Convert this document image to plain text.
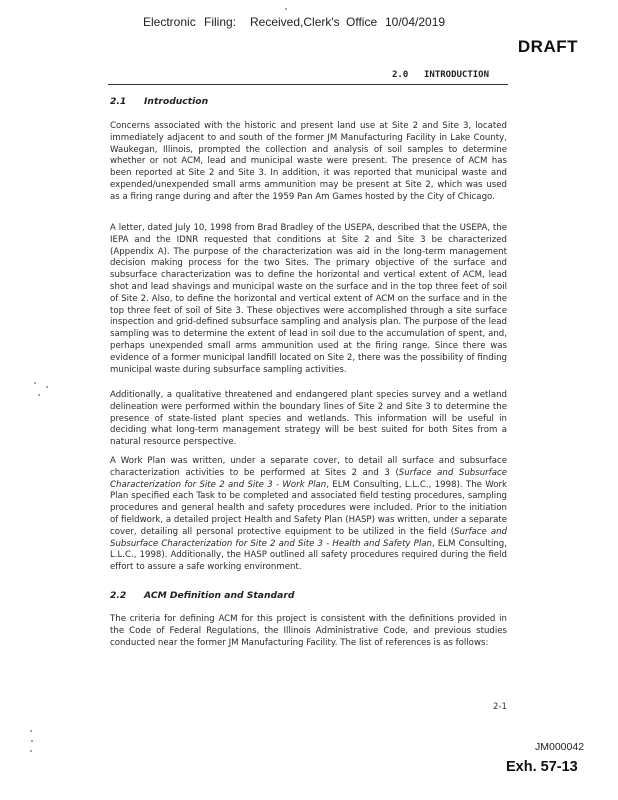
Electronic Filing: Received,Clerk's Office 10/04/2019
DRAFT
2.0 INTRODUCTION
2.1 Introduction

Concerns associated with the historic and present land use at Site 2 and Site 3, located immediately adjacent to and south of the former JM Manufacturing Facility in Lake County, Waukegan, Illinois, prompted the collection and analysis of soil samples to determine whether or not ACM, lead and municipal waste were present. The presence of ACM has been reported at Site 2 and Site 3. In addition, it was reported that municipal waste and expended/unexpended small arms ammunition may be present at Site 2, which was used as a firing range during and after the 1959 Pan Am Games hosted by the City of Chicago.

A letter, dated July 10, 1998 from Brad Bradley of the USEPA, described that the USEPA, the IEPA and the IDNR requested that conditions at Site 2 and Site 3 be characterized (Appendix A). The purpose of the characterization was aid in the long-term management decision making process for the two Sites. The primary objective of the surface and subsurface characterization was to define the horizontal and vertical extent of ACM, lead shot and lead shavings and municipal waste on the surface and in the top three feet of soil of Site 2. Also, to define the horizontal and vertical extent of ACM on the surface and in the top three feet of soil of Site 3. These objectives were accomplished through a site surface inspection and grid-defined subsurface sampling and analysis plan. The purpose of the lead sampling was to determine the extent of lead in soil due to the accumulation of spent, and, perhaps unexpended small arms ammunition used at the firing range. Since there was evidence of a former municipal landfill located on Site 2, there was the possibility of finding municipal waste during subsurface sampling activities.

Additionally, a qualitative threatened and endangered plant species survey and a wetland delineation were performed within the boundary lines of Site 2 and Site 3 to determine the presence of state-listed plant species and wetlands. This information will be useful in deciding what long-term management strategy will be best suited for both Sites from a natural resource perspective.

A Work Plan was written, under a separate cover, to detail all surface and subsurface characterization activities to be performed at Sites 2 and 3 (Surface and Subsurface Characterization for Site 2 and Site 3 - Work Plan, ELM Consulting, L.L.C., 1998). The Work Plan specified each Task to be completed and associated field testing procedures, sampling procedures and general health and safety procedures were included. Prior to the initiation of fieldwork, a detailed project Health and Safety Plan (HASP) was written, under a separate cover, detailing all personal protective equipment to be utilized in the field (Surface and Subsurface Characterization for Site 2 and Site 3 - Health and Safety Plan, ELM Consulting, L.L.C., 1998). Additionally, the HASP outlined all safety procedures required during the field effort to assure a safe working environment.

2.2 ACM Definition and Standard

The criteria for defining ACM for this project is consistent with the definitions provided in the Code of Federal Regulations, the Illinois Administrative Code, and previous studies conducted near the former JM Manufacturing Facility. The list of references is as follows:

2-1
JM000042
Exh. 57-13
